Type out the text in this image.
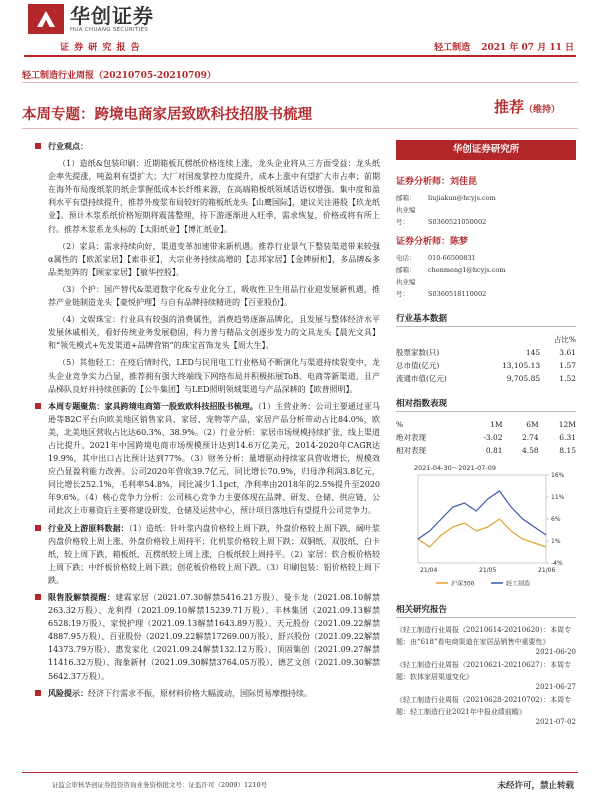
华创证券
HUA CHUANG SECURITIES
证 券 研 究 报 告	轻工制造 2021 年 07 月 11 日
轻工制造行业周报（20210705-20210709）
本周专题：跨境电商家居致欧科技招股书梳理	推荐（维持）
行业观点：
（1）造纸&包装印刷：近期箱板瓦楞纸价格连续上涨，龙头企业将从三方面受益：龙头纸企率先提涨，吨盈利有望扩大；大厂对国废掌控力度提升，成本上涨中有望扩大市占率；前期在海外布局废纸浆的纸企掌握低成本长纤维来源，在高端箱板纸领域话语权增强。集中度和盈利水平有望持续提升，推荐外废浆布局较好的箱板纸龙头【山鹰国际】，建议关注港股【玖龙纸业】。预计木浆系纸价格短期将震荡整理，待下游逐渐进入旺季，需求恢复，价格或将有所上行。推荐木浆系龙头标的【太阳纸业】【博汇纸业】。
（2）家具：需求持续向好，渠道变革加速带来新机遇。推荐行业景气下整装渠道带来较强α属性的【欧派家居】【索菲亚】，大宗业务持续高增的【志邦家居】【金牌厨柜】，多品牌&多品类矩阵的【顾家家居】【敏华控股】。
（3）个护：国产替代&渠道数字化&专业化分工，吸收性卫生用品行业迎发展新机遇，推荐产业链制造龙头【豪悦护理】与自有品牌持续精进的【百亚股份】。
（4）文娱珠宝：行业具有较强的消费属性，消费趋势逐渐品牌化，且发展与整体经济水平发展休戚相关，看好传统业务发展稳固，科力普与精品文创逐步发力的文具龙头【晨光文具】和“领先模式+先发渠道+品牌营销”的珠宝首饰龙头【周大生】。
（5）其他轻工：在疫后情时代，LED与民用电工行业格局不断演化与渠道持续裂变中，龙头企业竞争实力凸显，推荐拥有强大终端线下网络布局并积极拓展ToB、电商等新渠道，且产品梯队良好并持续创新的【公牛集团】与LED照明领域渠道与产品深耕的【欧普照明】。
本周专题聚焦：家具跨境电商第一股致欧科技招股书梳理。（1）主营业务：公司主要通过亚马逊等B2C平台向欧美地区销售家具、家居、宠物等产品，家居产品分析带动占比84.0%，欧美，北美地区营收占比达60.3%、38.9%。（2）行业分析：家居市场规模持续扩张，线上渠道占比提升。2021年中国跨境电商市场规模预计达到14.6万亿美元，2014-2020年CAGR达19.9%，其中出口占比预计达到77%。（3）财务分析：量增驱动持续家具营收增长，规模效应凸显盈利能力改善。公司2020年营收39.7亿元，同比增长70.9%，归母净利润3.8亿元，同比增长252.1%，毛利率54.8%，同比减少1.1pct，净利率由2018年的2.5%提升至2020年9.6%。（4）核心竞争力分析：公司核心竞争力主要体现在品牌、研发、仓储、供应链，公司此次上市募资后主要将建设研发、仓储及运营中心，预计项目落地后有望提升公司竞争力。
行业及上游原料数据：（1）造纸：针叶浆内盘价格较上周下跌，外盘价格较上周下跌，阔叶浆内盘价格较上周上涨，外盘价格较上周持平；化机浆价格较上周下跌；双铜纸、双胶纸、白卡纸，较上周下跌，箱板纸、瓦楞纸较上周上涨，白板纸较上周持平。（2）家居：软合板价格较上周下跌；中纤板价格较上周下跌；创花板价格较上周下跌。（3）印刷包装：铝价格较上周下跌。
限售股解禁提醒：建霖家居（2021.07.30解禁5416.21万股）、曼卡龙（2021.08.10解禁263.32万股）、龙利得（2021.09.10解禁15239.71万股）、丰林集团（2021.09.13解禁6528.19万股）、家悦护理（2021.09.13解禁1643.89万股）、天元股份（2021.09.22解禁4887.95万股）、百亚股份（2021.09.22解禁17269.00万股）、舒兴股份（2021.09.22解禁14373.79万股）、惠发家化（2021.09.24解禁132.12万股）、顶固集创（2021.09.27解禁11416.32万股）、海象新材（2021.09.30解禁3764.05万股）、德艺文创（2021.09.30解禁5642.37万股）。
风险提示：经济下行需求不振，原材料价格大幅波动，国际贸易摩擦持续。
华创证券研究所
证券分析师：刘佳昆
邮箱： liujiakun@hcyjs.com
执业编号：	S0360521050002
证券分析师：陈梦
电话： 010-66500831
邮箱： chenmeng1@hcyjs.com
执业编号：	S0360518110002
行业基本数据
		占比%
股票家数(只)	145	3.61
总市值(亿元)	13,105.13	1.57
流通市值(亿元)	9,705.85	1.52
相对指数表现
%	1M	6M	12M
绝对表现	-3.02	2.74	6.31
相对表现	0.81	4.58	8.15
2021-04-30～2021-07-09
16%
11%
6%
1%
-4%
21/04	21/05	21/06
沪深300	轻工制造
相关研究报告
《轻工制造行业周报（20210614-20210620）：本周专题：由“618”看电商渠道在家居品销售中重要性》
2021-06-20
《轻工制造行业周报（20210621-20210627）：本周专题：软体家居渠道变化》
2021-06-27
《轻工制造行业周报（20210628-20210702）：本周专题：轻工制造行业2021年中报业绩前瞻》
2021-07-02
证监会审核华创证券投资咨询业务资格批文号：证监许可（2009）1210号	未经许可，禁止转载
